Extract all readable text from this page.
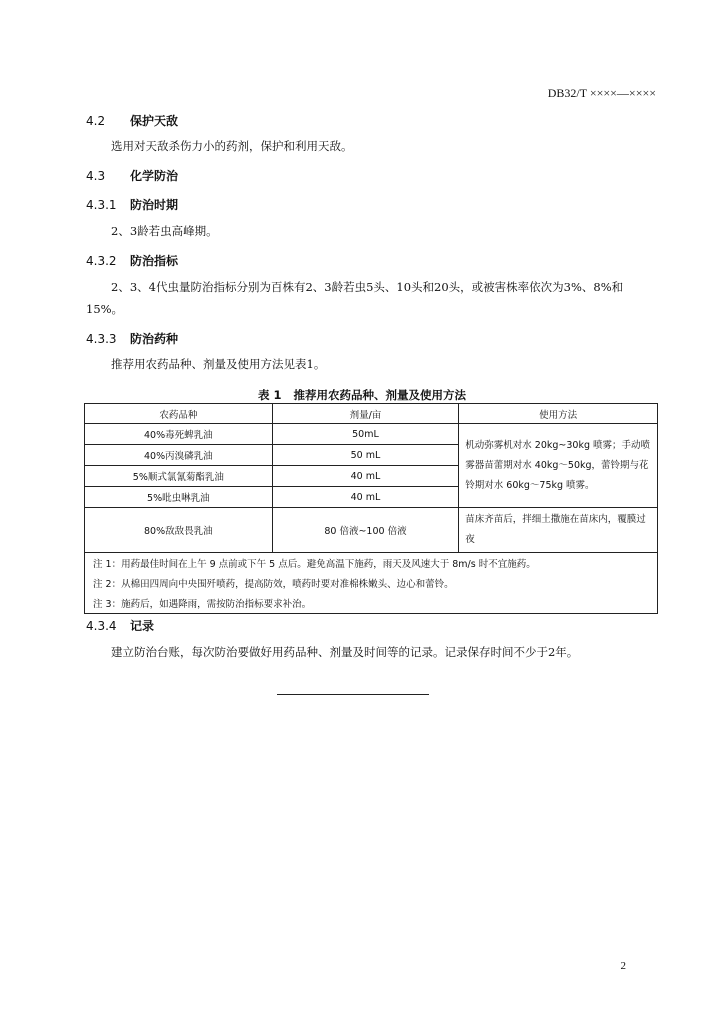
DB32/T ××××—××××
4.2 保护天敌
选用对天敌杀伤力小的药剂，保护和利用天敌。
4.3 化学防治
4.3.1 防治时期
2、3龄若虫高峰期。
4.3.2 防治指标
2、3、4代虫量防治指标分别为百株有2、3龄若虫5头、10头和20头，或被害株率依次为3%、8%和15%。
4.3.3 防治药种
推荐用农药品种、剂量及使用方法见表1。
表 1 推荐用农药品种、剂量及使用方法
农药品种	剂量/亩	使用方法
40%毒死蜱乳油	50mL	机动弥雾机对水 20kg~30kg 喷雾；手动喷雾器苗蕾期对水 40kg～50kg，蕾铃期与花铃期对水 60kg～75kg 喷雾。
40%丙溴磷乳油	50 mL	
5%顺式氯氰菊酯乳油	40 mL	
5%吡虫啉乳油	40 mL	
80%敌敌畏乳油	80 倍液~100 倍液	苗床齐苗后，拌细土撒施在苗床内，覆膜过夜
注 1：用药最佳时间在上午 9 点前或下午 5 点后。避免高温下施药，雨天及风速大于 8m/s 时不宜施药。		
注 2：从棉田四周向中央围歼喷药，提高防效，喷药时要对准棉株嫩头、边心和蕾铃。		
注 3：施药后，如遇降雨，需按防治指标要求补治。		
4.3.4 记录
建立防治台账，每次防治要做好用药品种、剂量及时间等的记录。记录保存时间不少于2年。
2
